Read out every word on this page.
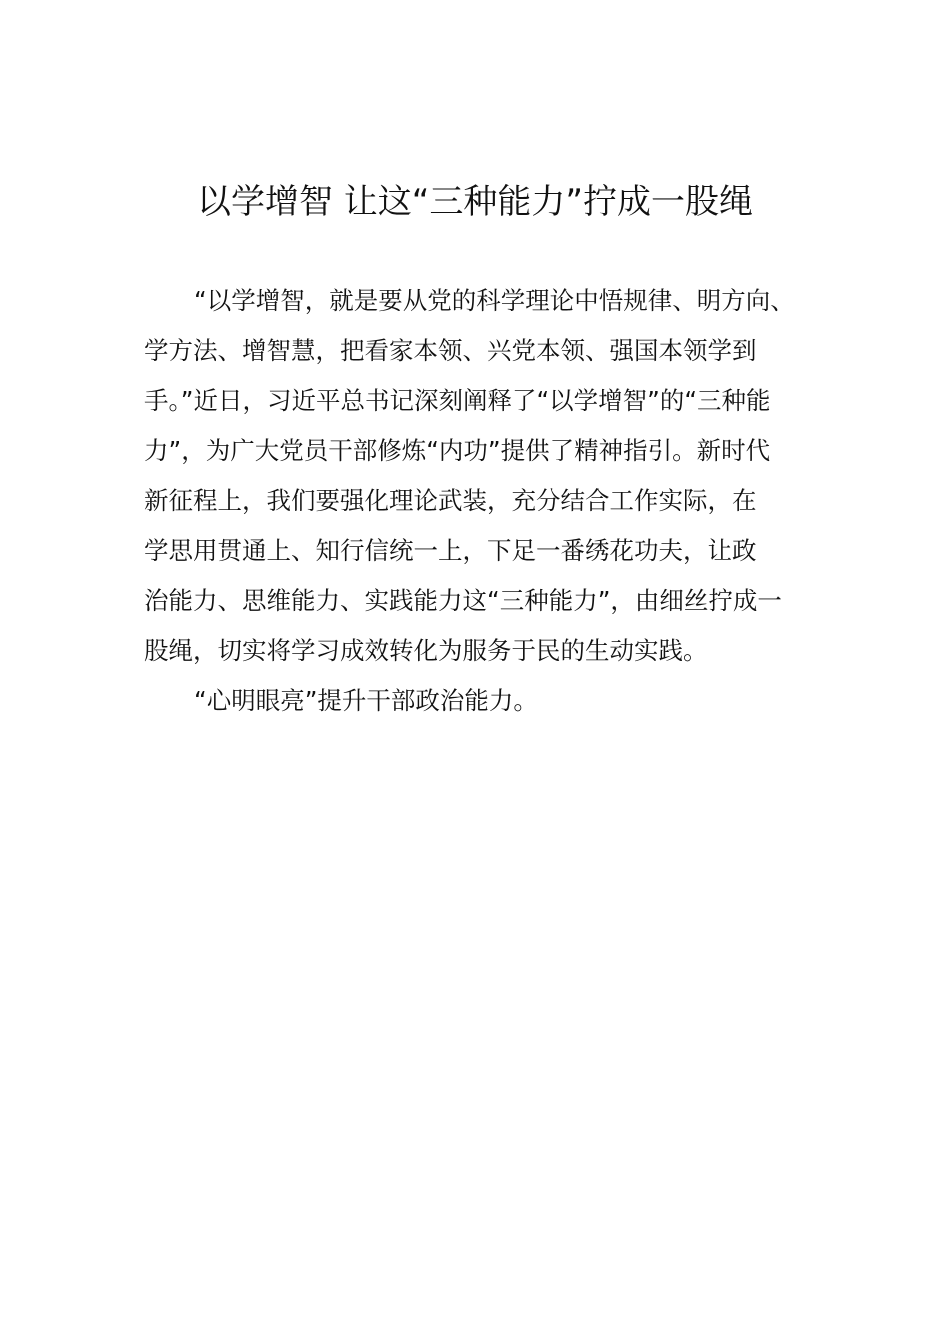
以学增智 让这“三种能力”拧成一股绳
“以学增智，就是要从党的科学理论中悟规律、明方向、
学方法、增智慧，把看家本领、兴党本领、强国本领学到
手。”近日，习近平总书记深刻阐释了“以学增智”的“三种能
力”，为广大党员干部修炼“内功”提供了精神指引。新时代
新征程上，我们要强化理论武装，充分结合工作实际，在
学思用贯通上、知行信统一上，下足一番绣花功夫，让政
治能力、思维能力、实践能力这“三种能力”，由细丝拧成一
股绳，切实将学习成效转化为服务于民的生动实践。
“心明眼亮”提升干部政治能力。
